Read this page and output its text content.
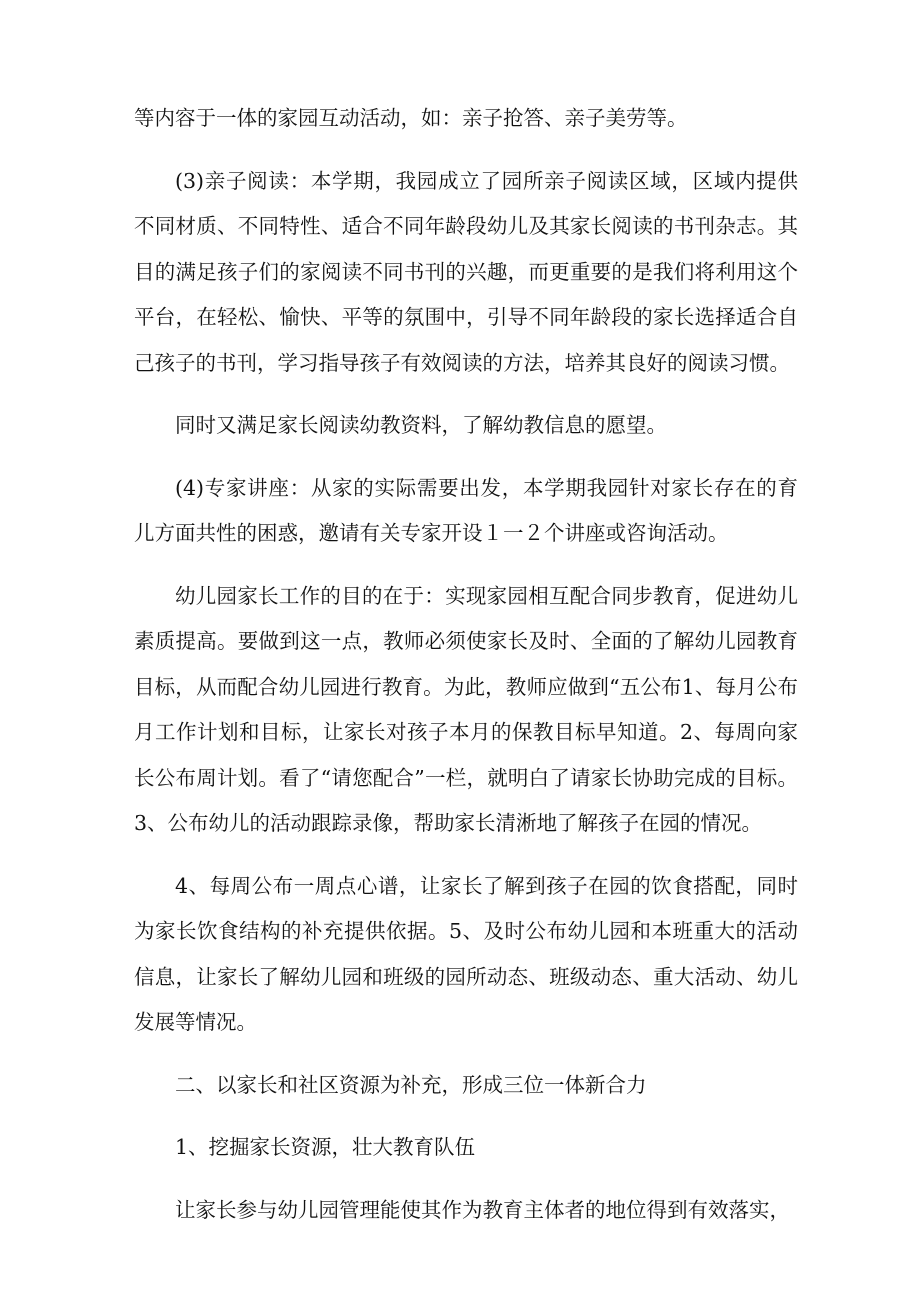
等内容于一体的家园互动活动，如：亲子抢答、亲子美劳等。

(3)亲子阅读：本学期，我园成立了园所亲子阅读区域，区域内提供不同材质、不同特性、适合不同年龄段幼儿及其家长阅读的书刊杂志。其目的满足孩子们的家阅读不同书刊的兴趣，而更重要的是我们将利用这个平台，在轻松、愉快、平等的氛围中，引导不同年龄段的家长选择适合自己孩子的书刊，学习指导孩子有效阅读的方法，培养其良好的阅读习惯。

同时又满足家长阅读幼教资料，了解幼教信息的愿望。

(4)专家讲座：从家的实际需要出发，本学期我园针对家长存在的育儿方面共性的困惑，邀请有关专家开设１一２个讲座或咨询活动。

幼儿园家长工作的目的在于：实现家园相互配合同步教育，促进幼儿素质提高。要做到这一点，教师必须使家长及时、全面的了解幼儿园教育目标，从而配合幼儿园进行教育。为此，教师应做到“五公布1、每月公布月工作计划和目标，让家长对孩子本月的保教目标早知道。2、每周向家长公布周计划。看了“请您配合”一栏，就明白了请家长协助完成的目标。3、公布幼儿的活动跟踪录像，帮助家长清淅地了解孩子在园的情况。

4、每周公布一周点心谱，让家长了解到孩子在园的饮食搭配，同时为家长饮食结构的补充提供依据。5、及时公布幼儿园和本班重大的活动信息，让家长了解幼儿园和班级的园所动态、班级动态、重大活动、幼儿发展等情况。

二、以家长和社区资源为补充，形成三位一体新合力

1、挖掘家长资源，壮大教育队伍

让家长参与幼儿园管理能使其作为教育主体者的地位得到有效落实，
